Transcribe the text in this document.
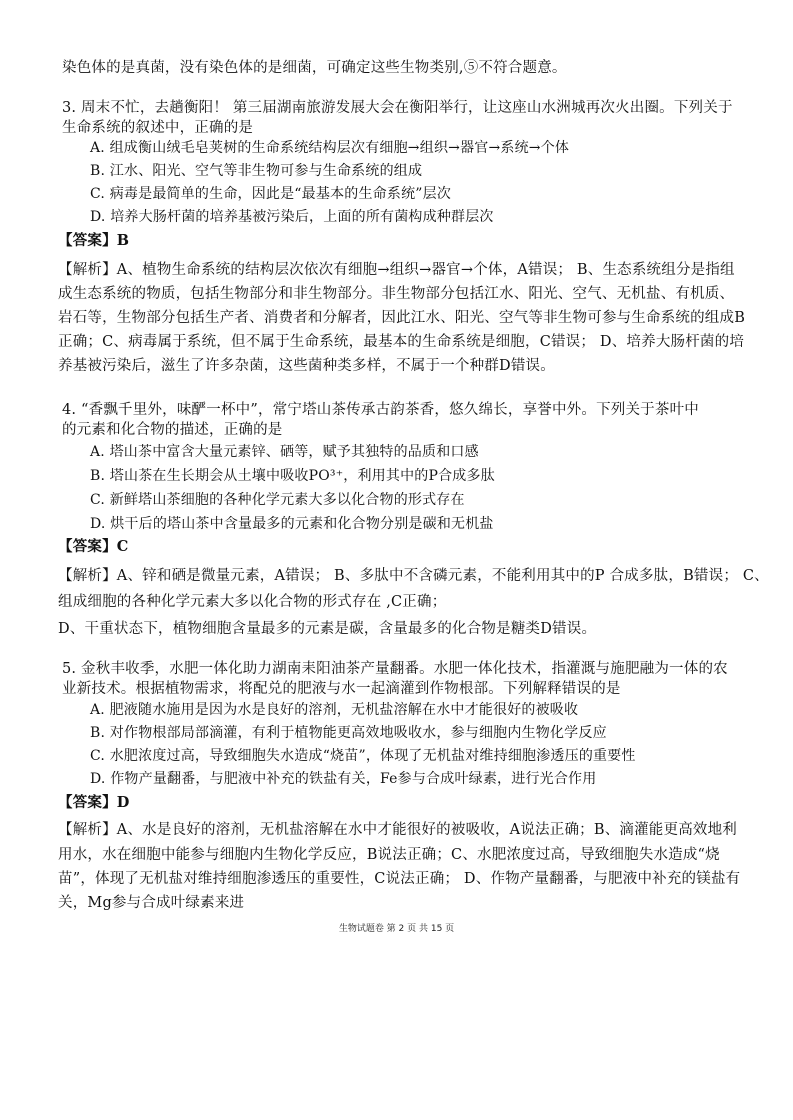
染色体的是真菌，没有染色体的是细菌，可确定这些生物类别,⑤不符合题意。
3. 周末不忙，去趟衡阳！ 第三届湖南旅游发展大会在衡阳举行，让这座山水洲城再次火出圈。下列关于
生命系统的叙述中，正确的是
A. 组成衡山绒毛皂荚树的生命系统结构层次有细胞→组织→器官→系统→个体
B. 江水、阳光、空气等非生物可参与生命系统的组成
C. 病毒是最简单的生命，因此是“最基本的生命系统”层次
D. 培养大肠杆菌的培养基被污染后，上面的所有菌构成种群层次
【答案】B
【解析】A、植物生命系统的结构层次依次有细胞→组织→器官→个体，A错误； B、生态系统组分是指组
成生态系统的物质，包括生物部分和非生物部分。非生物部分包括江水、阳光、空气、无机盐、有机质、
岩石等，生物部分包括生产者、消费者和分解者，因此江水、阳光、空气等非生物可参与生命系统的组成B
正确；C、病毒属于系统，但不属于生命系统，最基本的生命系统是细胞，C错误； D、培养大肠杆菌的培
养基被污染后，滋生了许多杂菌，这些菌种类多样，不属于一个种群D错误。
4. “香飘千里外，味酽一杯中”，常宁塔山茶传承古韵茶香，悠久绵长，享誉中外。下列关于茶叶中
的元素和化合物的描述，正确的是
A. 塔山茶中富含大量元素锌、硒等，赋予其独特的品质和口感
B. 塔山茶在生长期会从土壤中吸收PO³⁺，利用其中的P合成多肽
C. 新鲜塔山茶细胞的各种化学元素大多以化合物的形式存在
D. 烘干后的塔山茶中含量最多的元素和化合物分别是碳和无机盐
【答案】C
【解析】A、锌和硒是微量元素，A错误； B、多肽中不含磷元素，不能利用其中的P 合成多肽，B错误； C、
组成细胞的各种化学元素大多以化合物的形式存在 ,C正确；
D、干重状态下，植物细胞含量最多的元素是碳，含量最多的化合物是糖类D错误。
5. 金秋丰收季，水肥一体化助力湖南耒阳油茶产量翻番。水肥一体化技术，指灌溉与施肥融为一体的农
业新技术。根据植物需求，将配兑的肥液与水一起滴灌到作物根部。下列解释错误的是
A. 肥液随水施用是因为水是良好的溶剂，无机盐溶解在水中才能很好的被吸收
B. 对作物根部局部滴灌，有利于植物能更高效地吸收水，参与细胞内生物化学反应
C. 水肥浓度过高，导致细胞失水造成“烧苗”，体现了无机盐对维持细胞渗透压的重要性
D. 作物产量翻番，与肥液中补充的铁盐有关，Fe参与合成叶绿素，进行光合作用
【答案】D
【解析】A、水是良好的溶剂，无机盐溶解在水中才能很好的被吸收，A说法正确；B、滴灌能更高效地利
用水，水在细胞中能参与细胞内生物化学反应，B说法正确；C、水肥浓度过高，导致细胞失水造成“烧
苗”，体现了无机盐对维持细胞渗透压的重要性，C说法正确； D、作物产量翻番，与肥液中补充的镁盐有
关，Mg参与合成叶绿素来进
生物试题卷 第 2 页 共 15 页
